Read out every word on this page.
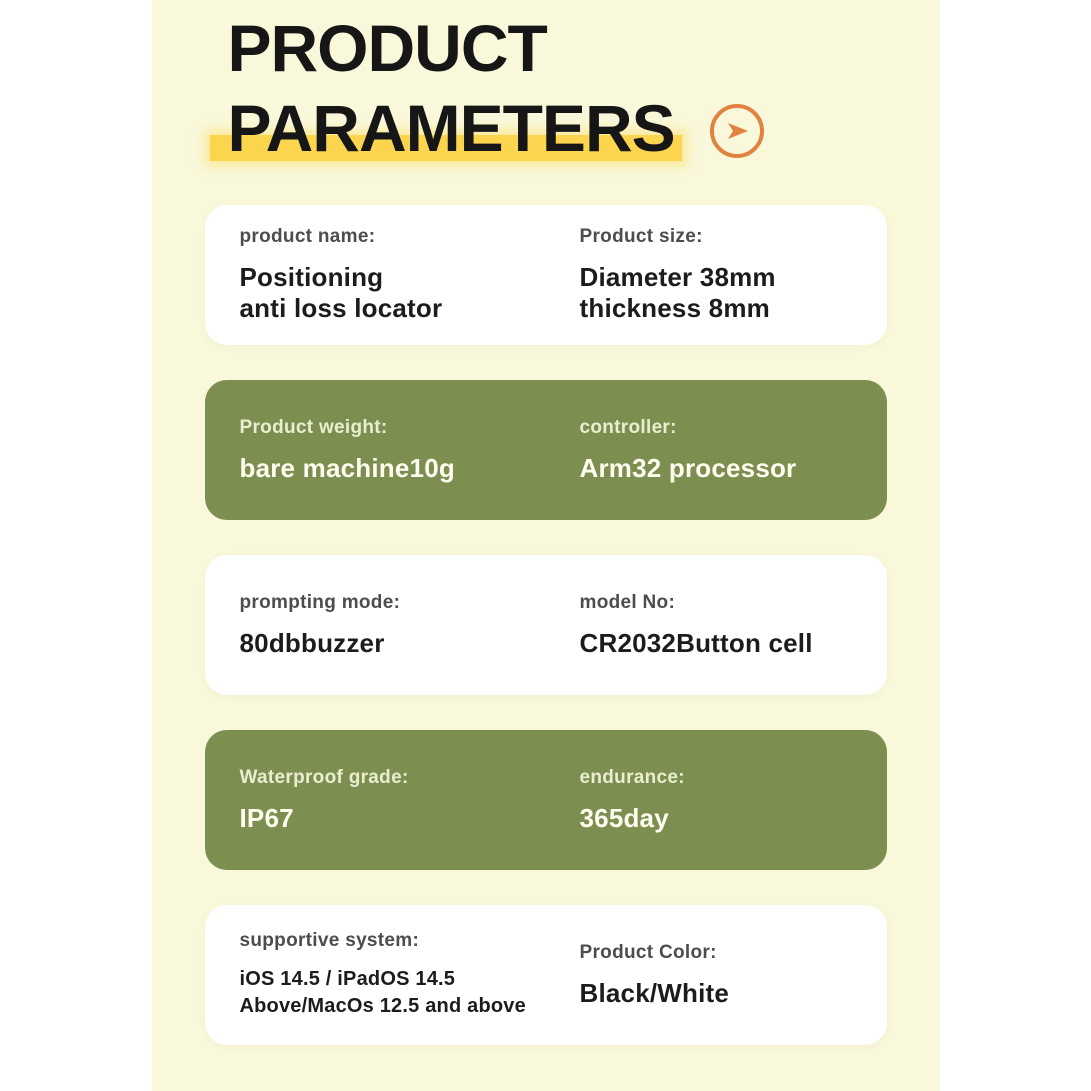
PRODUCT
PARAMETERS
product name:
Positioning
anti loss locator
Product size:
Diameter 38mm
thickness 8mm
Product weight:
bare machine10g
controller:
Arm32 processor
prompting mode:
80dbbuzzer
model No:
CR2032Button cell
Waterproof grade:
IP67
endurance:
365day
supportive system:
iOS 14.5 / iPadOS 14.5
Above/MacOs 12.5 and above
Product Color:
Black/White
